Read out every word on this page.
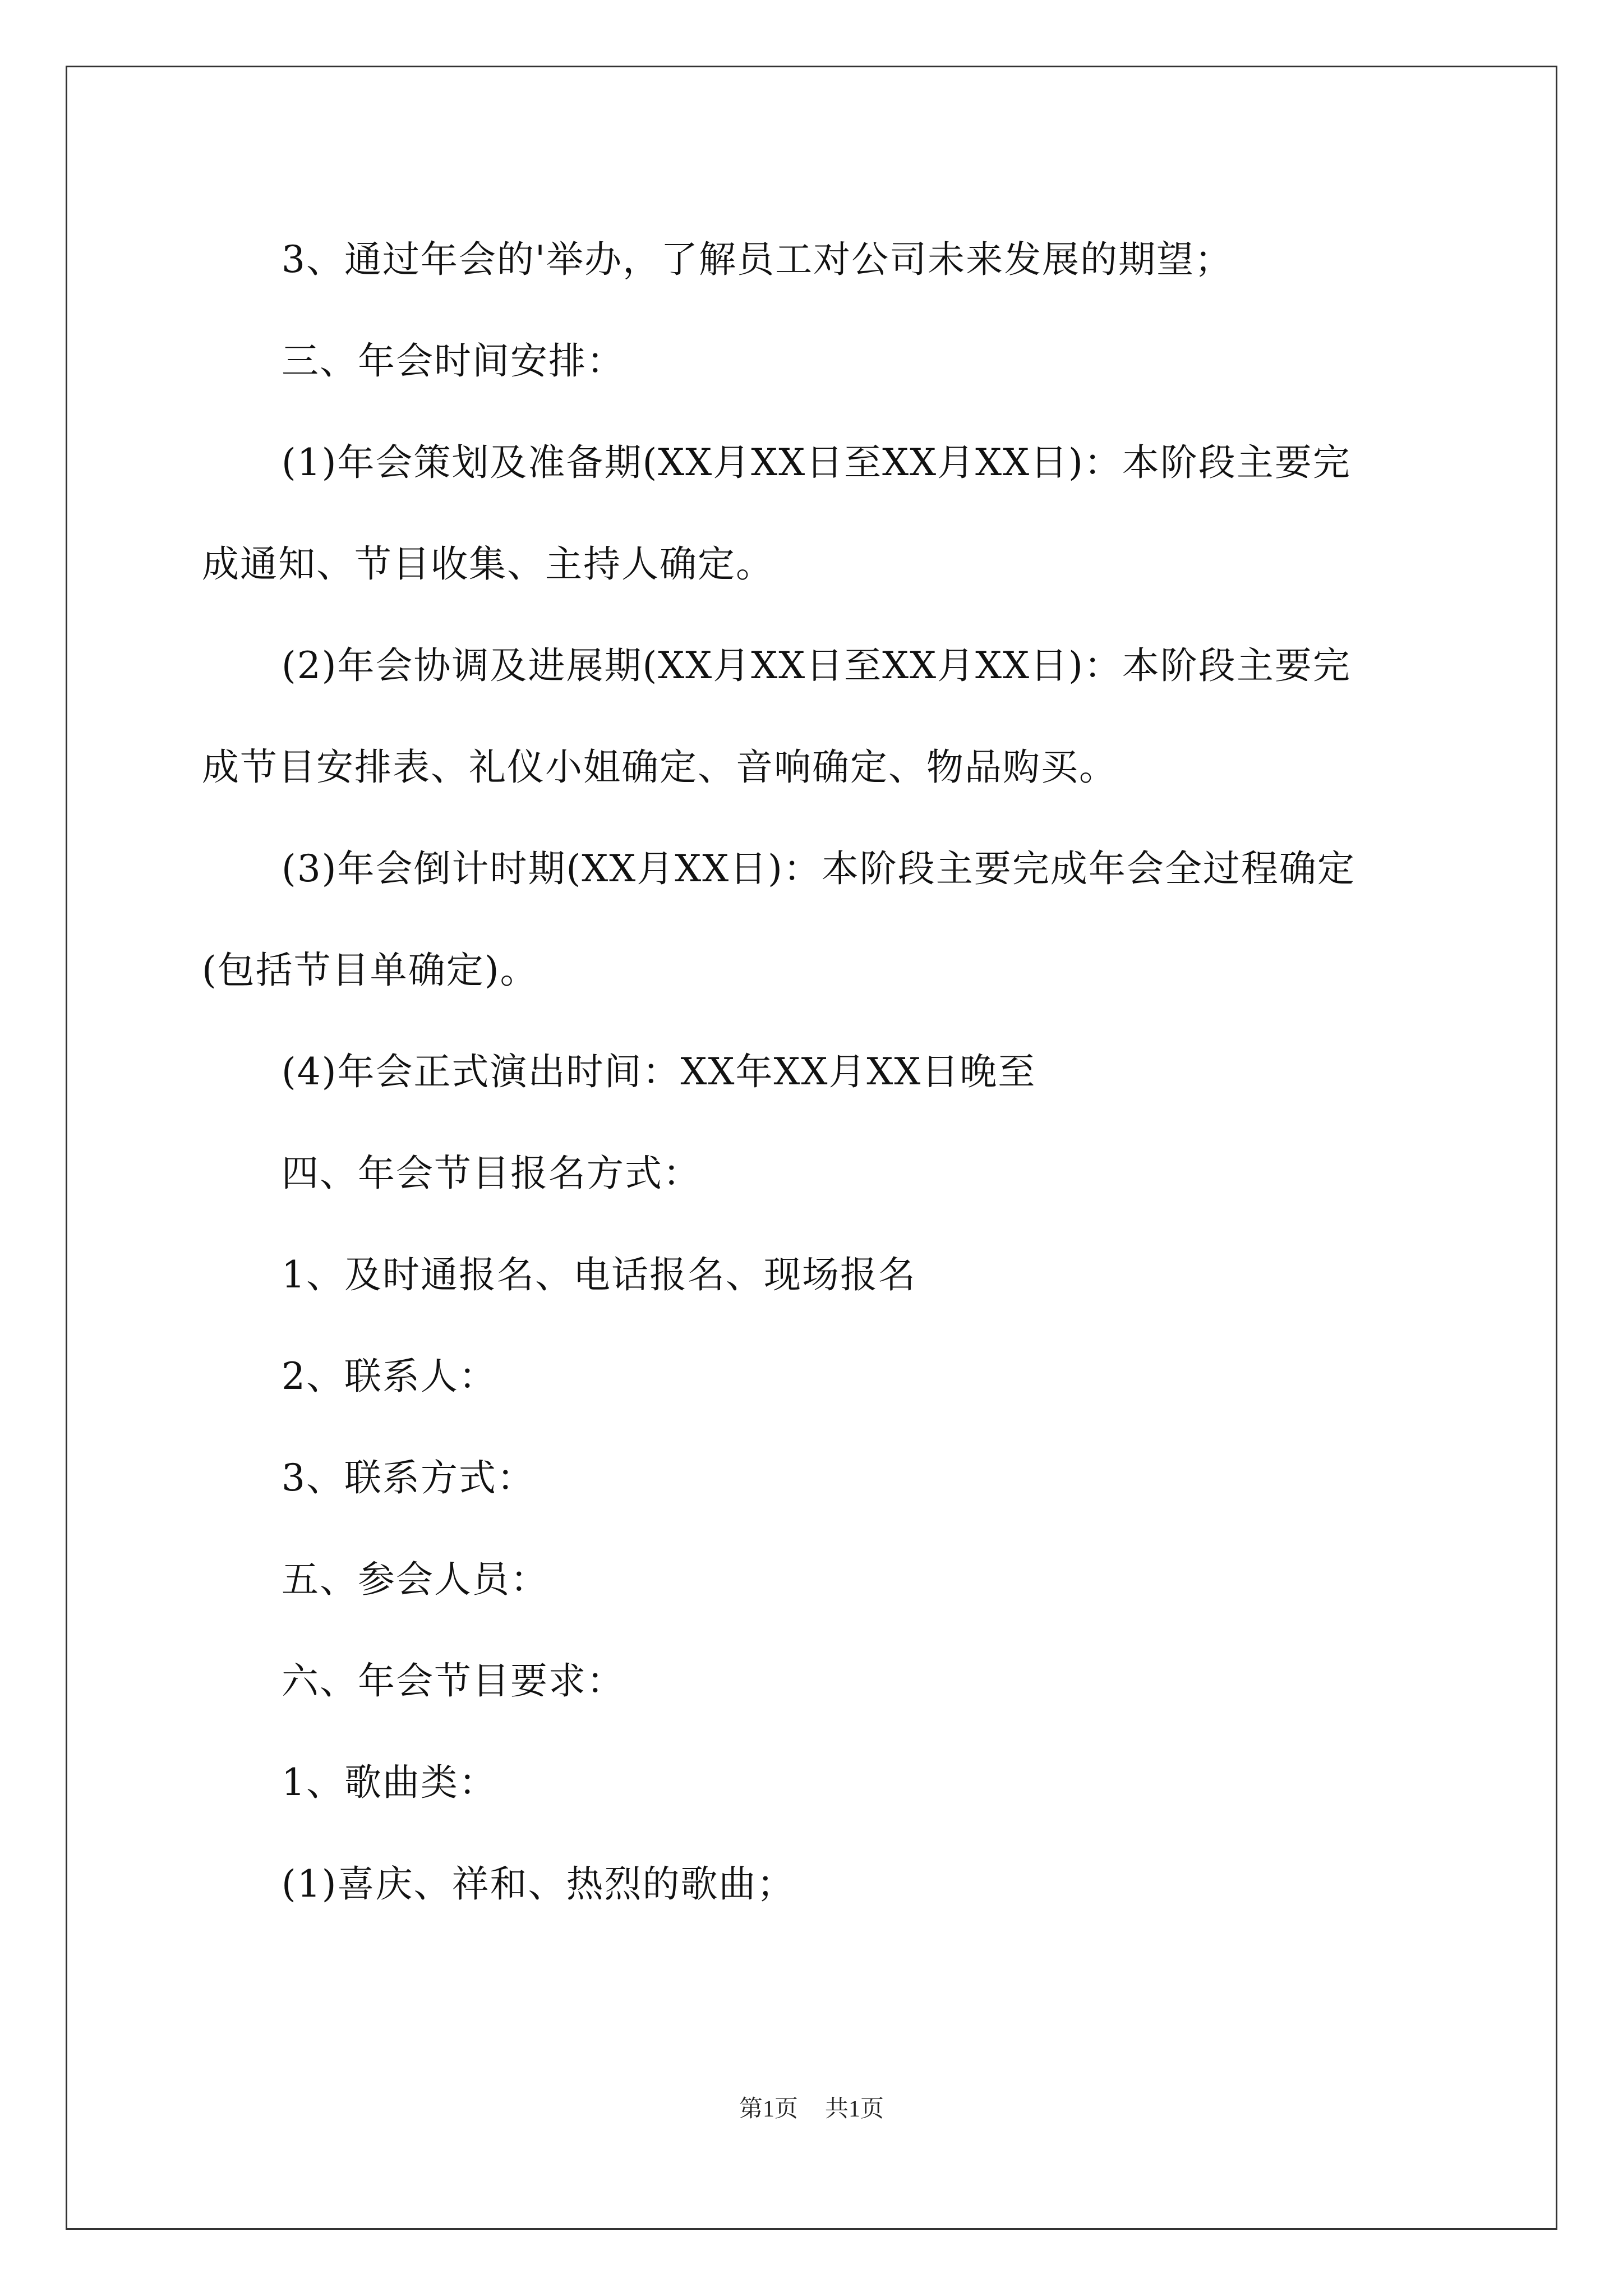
3、通过年会的'举办，了解员工对公司未来发展的期望；

三、年会时间安排：

(1)年会策划及准备期(XX月XX日至XX月XX日)：本阶段主要完

成通知、节目收集、主持人确定。

(2)年会协调及进展期(XX月XX日至XX月XX日)：本阶段主要完

成节目安排表、礼仪小姐确定、音响确定、物品购买。

(3)年会倒计时期(XX月XX日)：本阶段主要完成年会全过程确定

(包括节目单确定)。

(4)年会正式演出时间：XX年XX月XX日晚至

四、年会节目报名方式：

1、及时通报名、电话报名、现场报名

2、联系人：

3、联系方式：

五、参会人员：

六、年会节目要求：

1、歌曲类：

(1)喜庆、祥和、热烈的歌曲；

第1页 共1页
